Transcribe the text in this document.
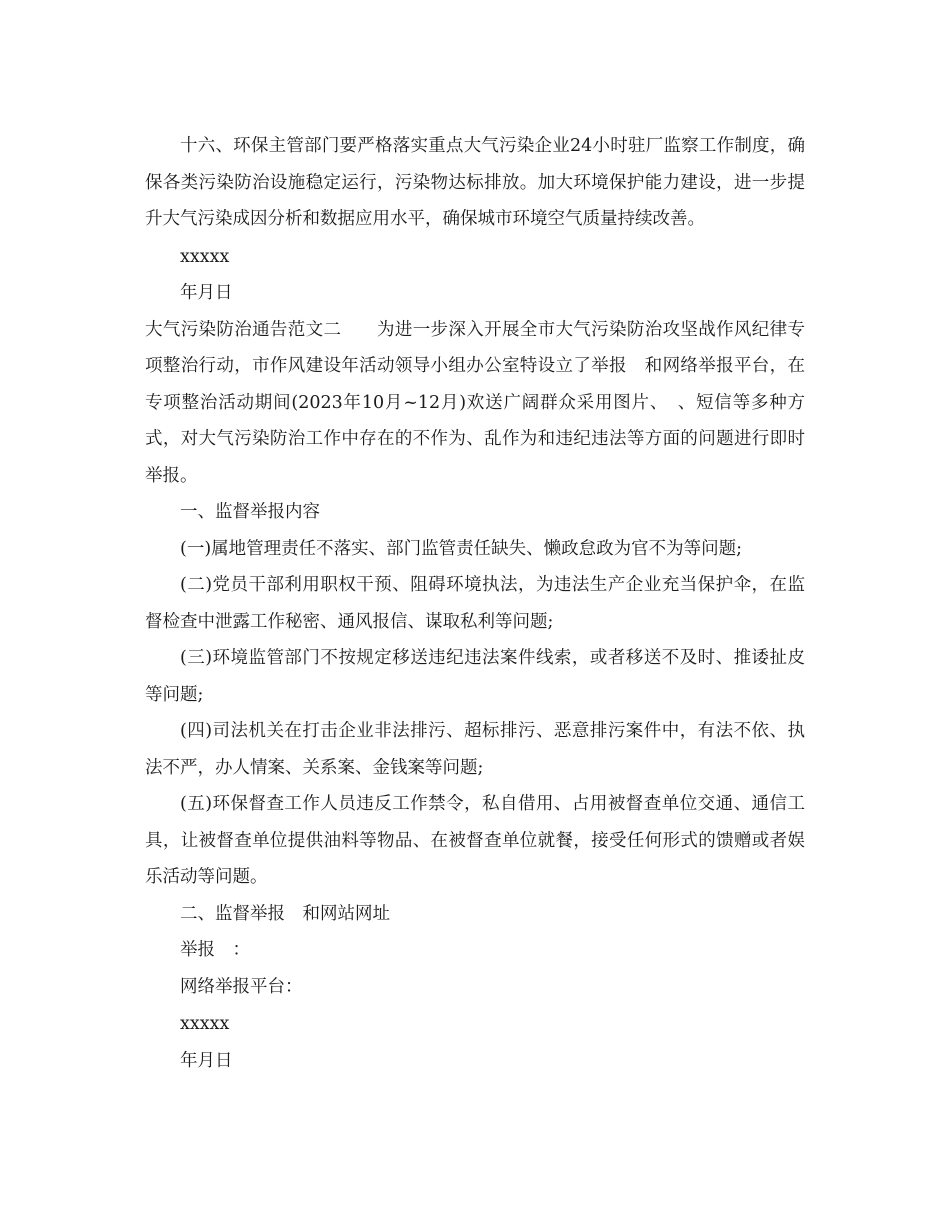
十六、环保主管部门要严格落实重点大气污染企业24小时驻厂监察工作制度，确保各类污染防治设施稳定运行，污染物达标排放。加大环境保护能力建设，进一步提升大气污染成因分析和数据应用水平，确保城市环境空气质量持续改善。

xxxxx

年月日

大气污染防治通告范文二　　为进一步深入开展全市大气污染防治攻坚战作风纪律专项整治行动，市作风建设年活动领导小组办公室特设立了举报　和网络举报平台，在专项整治活动期间(2023年10月~12月)欢送广阔群众采用图片、　、短信等多种方式，对大气污染防治工作中存在的不作为、乱作为和违纪违法等方面的问题进行即时举报。

一、监督举报内容

(一)属地管理责任不落实、部门监管责任缺失、懒政怠政为官不为等问题;

(二)党员干部利用职权干预、阻碍环境执法，为违法生产企业充当保护伞，在监督检查中泄露工作秘密、通风报信、谋取私利等问题;

(三)环境监管部门不按规定移送违纪违法案件线索，或者移送不及时、推诿扯皮等问题;

(四)司法机关在打击企业非法排污、超标排污、恶意排污案件中，有法不依、执法不严，办人情案、关系案、金钱案等问题;

(五)环保督查工作人员违反工作禁令，私自借用、占用被督查单位交通、通信工具，让被督查单位提供油料等物品、在被督查单位就餐，接受任何形式的馈赠或者娱乐活动等问题。

二、监督举报　和网站网址

举报　：

网络举报平台：

xxxxx

年月日
